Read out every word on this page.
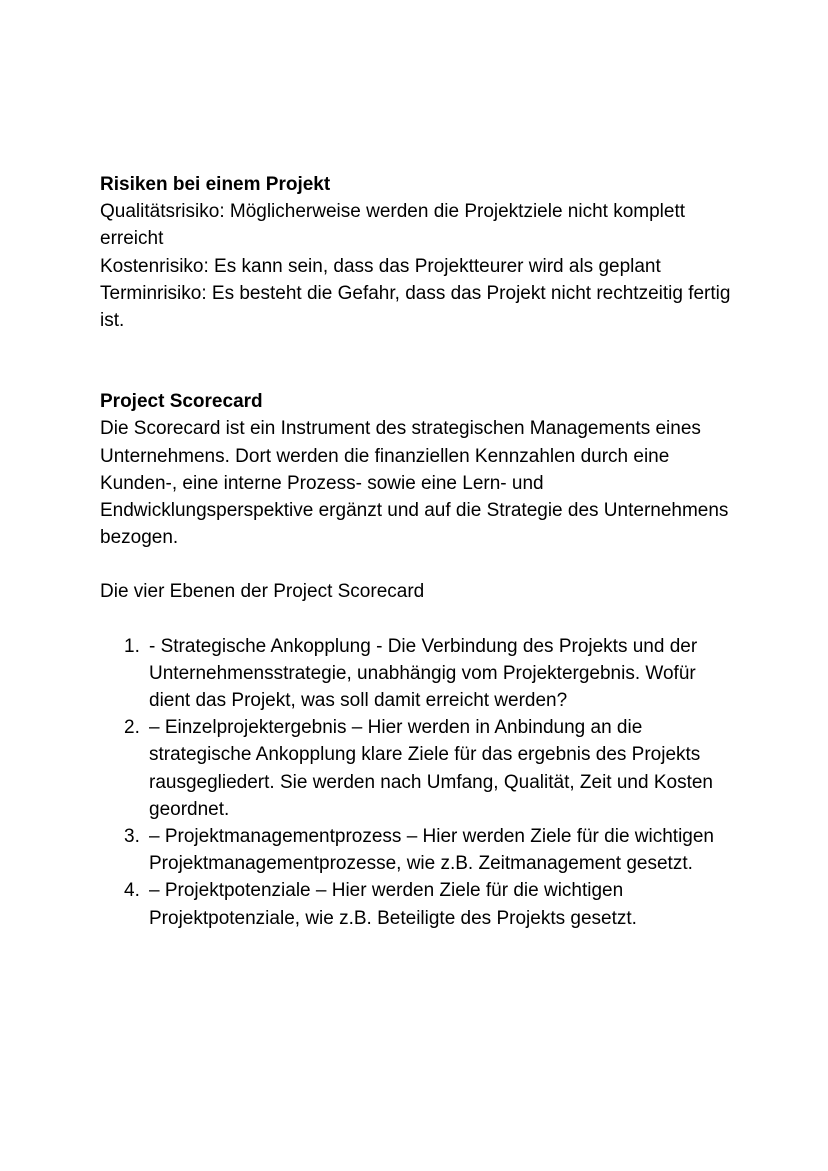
Risiken bei einem Projekt

Qualitätsrisiko: Möglicherweise werden die Projektziele nicht komplett erreicht

Kostenrisiko: Es kann sein, dass das Projektteurer wird als geplant

Terminrisiko: Es besteht die Gefahr, dass das Projekt nicht rechtzeitig fertig ist.

Project Scorecard

Die Scorecard ist ein Instrument des strategischen Managements eines Unternehmens. Dort werden die finanziellen Kennzahlen durch eine Kunden-, eine interne Prozess- sowie eine Lern- und Endwicklungsperspektive ergänzt und auf die Strategie des Unternehmens bezogen.

Die vier Ebenen der Project Scorecard

1. - Strategische Ankopplung - Die Verbindung des Projekts und der Unternehmensstrategie, unabhängig vom Projektergebnis. Wofür dient das Projekt, was soll damit erreicht werden?
2. – Einzelprojektergebnis – Hier werden in Anbindung an die strategische Ankopplung klare Ziele für das ergebnis des Projekts rausgegliedert. Sie werden nach Umfang, Qualität, Zeit und Kosten geordnet.
3. – Projektmanagementprozess – Hier werden Ziele für die wichtigen Projektmanagementprozesse, wie z.B. Zeitmanagement gesetzt.
4. – Projektpotenziale – Hier werden Ziele für die wichtigen Projektpotenziale, wie z.B. Beteiligte des Projekts gesetzt.
